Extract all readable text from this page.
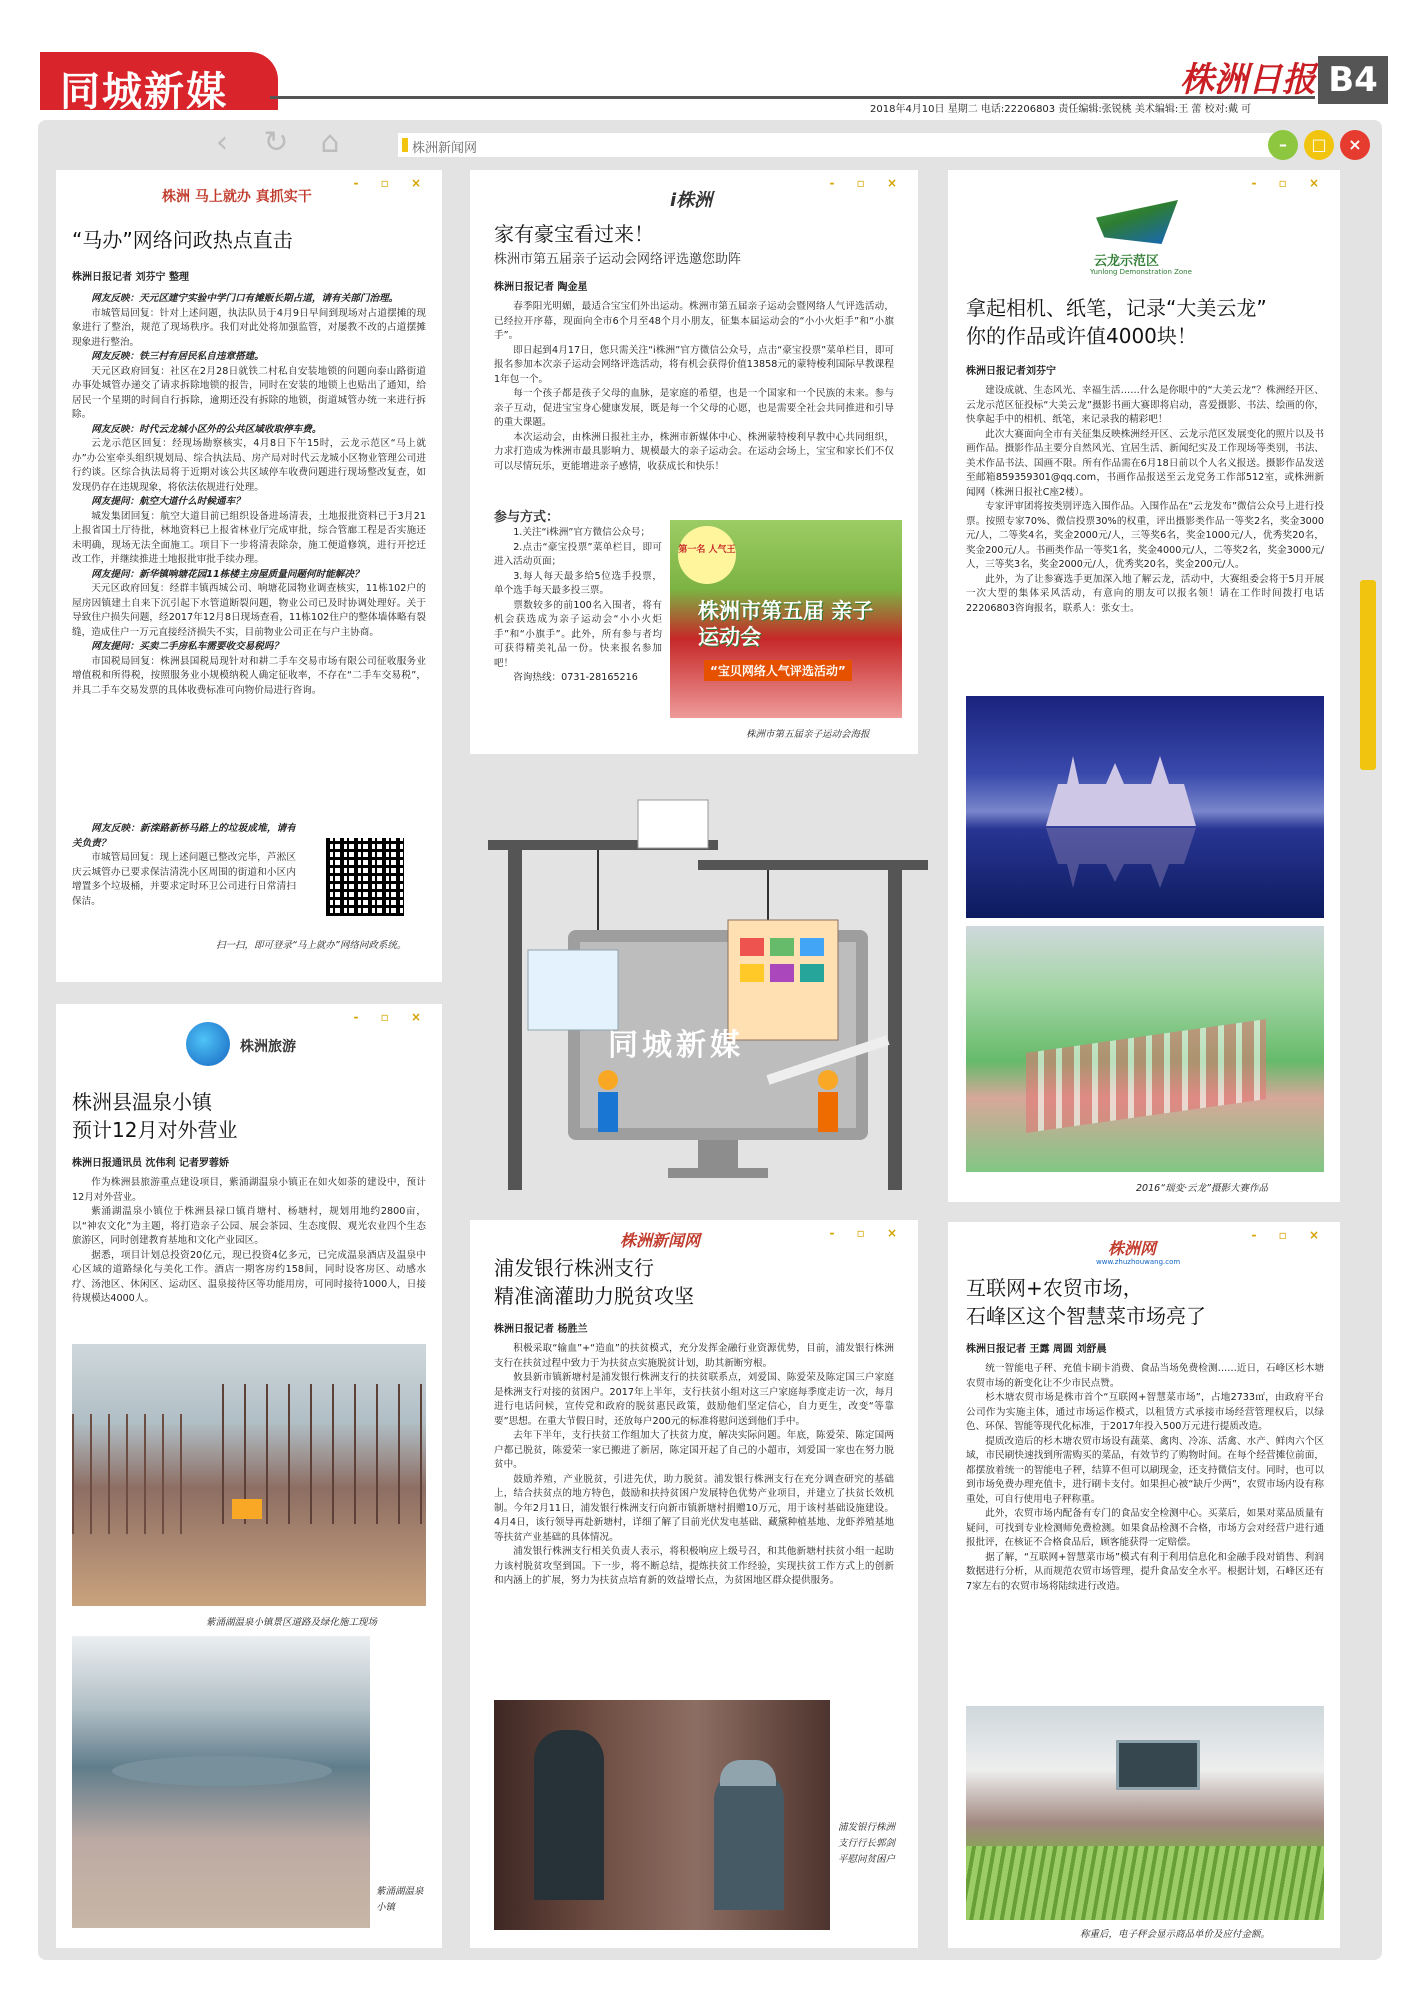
同城新媒	株洲日报 B4
2018年4月10日 星期二 电话:22206803 责任编辑:张锐桃 美术编辑:王 蕾 校对:戴 可
‹ ↻ ⌂	株洲新闻网	–	□	×
- ▫ ×
株洲 马上就办 真抓实干
“马办”网络问政热点直击
株洲日报记者 刘芬宁 整理

网友反映：天元区建宁实验中学门口有摊贩长期占道，请有关部门治理。

市城管局回复：针对上述问题，执法队员于4月9日早间到现场对占道摆摊的现象进行了整治，规范了现场秩序。我们对此处将加强监管，对屡教不改的占道摆摊现象进行整治。

网友反映：铁三村有居民私自违章搭建。

天元区政府回复：社区在2月28日就铁二村私自安装地锁的问题向泰山路街道办事处城管办递交了请求拆除地锁的报告，同时在安装的地锁上也贴出了通知，给居民一个星期的时间自行拆除，逾期还没有拆除的地锁，街道城管办统一来进行拆除。

网友反映：时代云龙城小区外的公共区域收取停车费。

云龙示范区回复：经现场勘察核实，4月8日下午15时，云龙示范区“马上就办”办公室牵头组织规划局、综合执法局、房产局对时代云龙城小区物业管理公司进行约谈。区综合执法局将于近期对该公共区域停车收费问题进行现场整改复查，如发现仍存在违规现象，将依法依规进行处理。

网友提问：航空大道什么时候通车？

城发集团回复：航空大道目前已组织设备进场清表，土地报批资料已于3月21上报省国土厅待批，林地资料已上报省林业厅完成审批，综合管廊工程是否实施还未明确，现场无法全面施工。项目下一步将清表除杂，施工便道修筑，进行开挖迁改工作，并继续推进土地报批审批手续办理。

网友提问：新华镇响塘花园11栋楼主房屋质量问题何时能解决？

天元区政府回复：经群丰镇西城公司、响塘花园物业调查核实，11栋102户的屋房因镇建土自来下沉引起下水管道断裂问题，物业公司已及时协调处理好。关于导致住户损失问题，经2017年12月8日现场查看，11栋102住户的整体墙体略有裂缝，造成住户一万元直接经济损失不实，目前物业公司正在与户主协商。

网友提问：买卖二手房私车需要收交易税吗？

市国税局回复：株洲县国税局现针对和耕二手车交易市场有限公司征收服务业增值税和所得税，按照服务业小规模纳税人确定征收率，不存在“二手车交易税”，并具二手车交易发票的具体收费标准可向物价局进行咨询。

网友反映：新滦路新桥马路上的垃圾成堆，请有关负责？

市城管局回复：现上述问题已整改完毕，芦淞区庆云城管办已要求保洁清洗小区周围的街道和小区内增置多个垃圾桶，并要求定时环卫公司进行日常清扫保洁。

扫一扫，即可登录“马上就办”网络问政系统。
- ▫ ×
i株洲
家有豪宝看过来！
株洲市第五届亲子运动会网络评选邀您助阵
株洲日报记者 陶金星

春季阳光明媚，最适合宝宝们外出运动。株洲市第五届亲子运动会暨网络人气评选活动，已经拉开序幕，现面向全市6个月至48个月小朋友，征集本届运动会的“小小火炬手”和“小旗手”。

即日起到4月17日，您只需关注“i株洲”官方微信公众号，点击“豪宝投票”菜单栏目，即可报名参加本次亲子运动会网络评选活动，将有机会获得价值13858元的蒙特梭利国际早教课程1年包一个。

每一个孩子都是孩子父母的血脉，是家庭的希望，也是一个国家和一个民族的未来。参与亲子互动，促进宝宝身心健康发展，既是每一个父母的心愿，也是需要全社会共同推进和引导的重大课题。

本次运动会，由株洲日报社主办，株洲市新媒体中心、株洲蒙特梭利早教中心共同组织，力求打造成为株洲市最具影响力、规模最大的亲子运动会。在运动会场上，宝宝和家长们不仅可以尽情玩乐，更能增进亲子感情，收获成长和快乐！

参与方式：

1.关注“i株洲”官方微信公众号；

2.点击“豪宝投票”菜单栏目，即可进入活动页面；

3.每人每天最多给5位选手投票，单个选手每天最多投三票。

票数较多的前100名入围者，将有机会获选成为亲子运动会“小小火炬手”和“小旗手”。此外，所有参与者均可获得精美礼品一份。快来报名参加吧！

咨询热线：0731-28165216

第一名 人气王
株洲市第五届 亲子运动会
“宝贝网络人气评选活动”
株洲市第五届亲子运动会海报
- ▫ ×
云龙示范区
Yunlong Demonstration Zone
拿起相机、纸笔，记录“大美云龙”
你的作品或许值4000块！
株洲日报记者刘芬宁

建设成就、生态风光、幸福生活……什么是你眼中的“大美云龙”？株洲经开区、云龙示范区征投标“大美云龙”摄影书画大赛即将启动，喜爱摄影、书法、绘画的你，快拿起手中的相机、纸笔，来记录我的精彩吧！

此次大赛面向全市有关征集反映株洲经开区、云龙示范区发展变化的照片以及书画作品。摄影作品主要分自然风光、宜居生活、新闻纪实及工作现场等类别，书法、美术作品书法、国画不限。所有作品需在6月18日前以个人名义报送。摄影作品发送至邮箱859359301@qq.com，书画作品报送至云龙党务工作部512室，或株洲新闻网（株洲日报社C座2楼）。

专家评审团将按类别评选入围作品。入围作品在“云龙发布”微信公众号上进行投票。按照专家70%、微信投票30%的权重，评出摄影类作品一等奖2名，奖金3000元/人，二等奖4名，奖金2000元/人，三等奖6名，奖金1000元/人，优秀奖20名，奖金200元/人。书画类作品一等奖1名，奖金4000元/人，二等奖2名，奖金3000元/人，三等奖3名，奖金2000元/人，优秀奖20名，奖金200元/人。

此外，为了让参赛选手更加深入地了解云龙，活动中，大赛组委会将于5月开展一次大型的集体采风活动，有意向的朋友可以报名领！请在工作时间拨打电话22206803咨询报名，联系人：张女士。

2016“瑞变·云龙”摄影大赛作品
- ▫ ×
株洲旅游
株洲县温泉小镇
预计12月对外营业
株洲日报通讯员 沈伟利 记者罗蓉娇

作为株洲县旅游重点建设项目，紫涌湖温泉小镇正在如火如荼的建设中，预计12月对外营业。

紫涌湖温泉小镇位于株洲县禄口镇肖塘村、杨塘村，规划用地约2800亩，以“神农文化”为主题，将打造亲子公园、展会茶园、生态度假、观光农业四个生态旅游区，同时创建教育基地和文化产业园区。

据悉，项目计划总投资20亿元，现已投资4亿多元，已完成温泉酒店及温泉中心区域的道路绿化与美化工作。酒店一期客房约158间，同时设客房区、动感水疗、汤池区、休闲区、运动区、温泉接待区等功能用房，可同时接待1000人，日接待规模达4000人。

紫涌湖温泉小镇景区道路及绿化施工现场
紫涌湖温泉小镇
同城新媒
- ▫ ×
株洲新闻网
浦发银行株洲支行
精准滴灌助力脱贫攻坚
株洲日报记者 杨胜兰

积极采取“输血”+“造血”的扶贫模式，充分发挥金融行业资源优势，目前，浦发银行株洲支行在扶贫过程中致力于为扶贫点实施脱贫计划，助其新断穷根。

攸县新市镇新塘村是浦发银行株洲支行的扶贫联系点，刘爱国、陈爱荣及陈定国三户家庭是株洲支行对接的贫困户。2017年上半年，支行扶贫小组对这三户家庭每季度走访一次，每月进行电话问候，宣传党和政府的脱贫惠民政策，鼓励他们坚定信心，自力更生，改变“等靠要”思想。在重大节假日时，还放每户200元的标准将慰问送到他们手中。

去年下半年，支行扶贫工作组加大了扶贫力度，解决实际问题。年底，陈爱荣、陈定国两户都已脱贫，陈爱荣一家已搬进了新居，陈定国开起了自己的小超市，刘爱国一家也在努力脱贫中。

鼓励养殖，产业脱贫，引进先伏，助力脱贫。浦发银行株洲支行在充分调查研究的基础上，结合扶贫点的地方特色，鼓励和扶持贫困户发展特色优势产业项目，并建立了扶贫长效机制。今年2月11日，浦发银行株洲支行向新市镇新塘村捐赠10万元，用于该村基础设施建设。4月4日，该行领导再赴新塘村，详细了解了目前光伏发电基础、藏黛种植基地、龙虾养殖基地等扶贫产业基础的具体情况。

浦发银行株洲支行相关负责人表示，将积极响应上级号召，和其他新塘村扶贫小组一起助力该村脱贫攻坚到国。下一步，将不断总结，提炼扶贫工作经验，实现扶贫工作方式上的创新和内涵上的扩展，努力为扶贫点培育新的效益增长点，为贫困地区群众提供服务。

浦发银行株洲支行行长郭剑平慰问贫困户
- ▫ ×
株洲网
www.zhuzhouwang.com
互联网+农贸市场，
石峰区这个智慧菜市场亮了
株洲日报记者 王露 周圆 刘舒晨

统一智能电子秤、充值卡刷卡消费、食品当场免费检测……近日，石峰区杉木塘农贸市场的新变化让不少市民点赞。

杉木塘农贸市场是株市首个“互联网+智慧菜市场”，占地2733㎡，由政府平台公司作为实施主体，通过市场运作模式，以租赁方式承接市场经营管理权后，以绿色、环保、智能等现代化标准，于2017年投入500万元进行提质改造。

提质改造后的杉木塘农贸市场设有蔬菜、禽肉、冷冻、活禽、水产、鲜肉六个区域，市民刷快速找到所需购买的菜品，有效节约了购物时间。在每个经营摊位前面，都摆放着统一的智能电子秤，结算不但可以刷现金，还支持微信支付。同时，也可以到市场免费办理充值卡，进行刷卡支付。如果担心被“缺斤少两”，农贸市场内设有称重处，可自行使用电子秤称重。

此外，农贸市场内配备有专门的食品安全检测中心。买菜后，如果对菜品质量有疑问，可找到专业检测师免费检测。如果食品检测不合格，市场方会对经营户进行通报批评，在核证不合格食品后，顾客能获得一定赔偿。

据了解，“互联网+智慧菜市场”模式有利于利用信息化和金融手段对销售、利润数据进行分析，从而规范农贸市场管理，提升食品安全水平。根据计划，石峰区还有7家左右的农贸市场将陆续进行改造。

称重后，电子秤会显示商品单价及应付金额。
